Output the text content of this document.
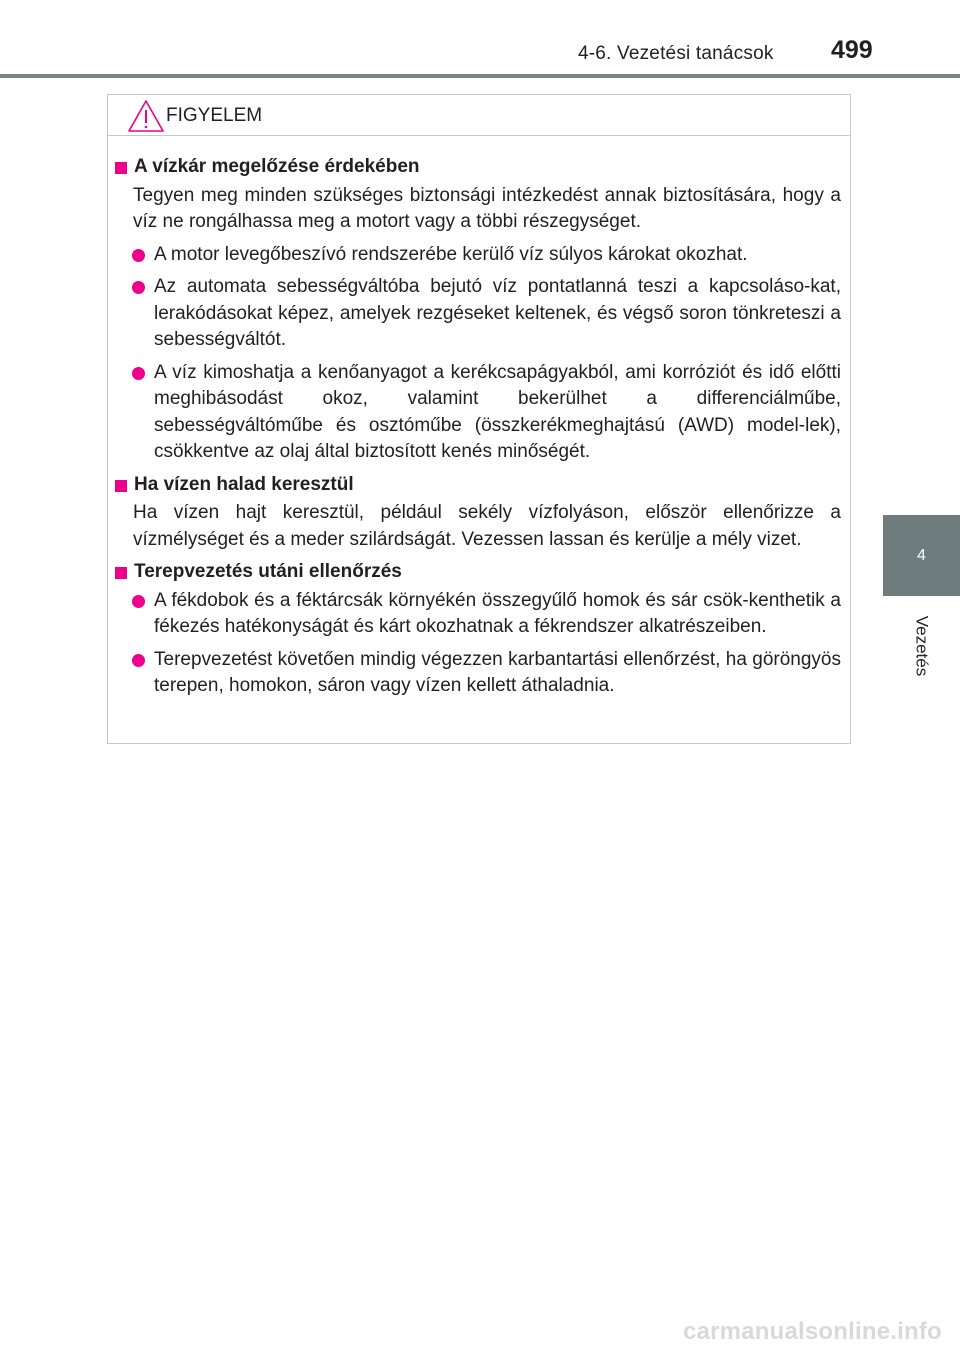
4-6. Vezetési tanácsok 499
4
Vezetés
FIGYELEM
A vízkár megelőzése érdekében
Tegyen meg minden szükséges biztonsági intézkedést annak biztosítására, hogy a víz ne rongálhassa meg a motort vagy a többi részegységet.
A motor levegőbeszívó rendszerébe kerülő víz súlyos károkat okozhat.
Az automata sebességváltóba bejutó víz pontatlanná teszi a kapcsoláso-kat, lerakódásokat képez, amelyek rezgéseket keltenek, és végső soron tönkreteszi a sebességváltót.
A víz kimoshatja a kenőanyagot a kerékcsapágyakból, ami korróziót és idő előtti meghibásodást okoz, valamint bekerülhet a differenciálműbe, sebességváltóműbe és osztóműbe (összkerékmeghajtású (AWD) model-lek), csökkentve az olaj által biztosított kenés minőségét.
Ha vízen halad keresztül
Ha vízen hajt keresztül, például sekély vízfolyáson, először ellenőrizze a vízmélységet és a meder szilárdságát. Vezessen lassan és kerülje a mély vizet.
Terepvezetés utáni ellenőrzés
A fékdobok és a féktárcsák környékén összegyűlő homok és sár csök-kenthetik a fékezés hatékonyságát és kárt okozhatnak a fékrendszer alkatrészeiben.
Terepvezetést követően mindig végezzen karbantartási ellenőrzést, ha göröngyös terepen, homokon, sáron vagy vízen kellett áthaladnia.
carmanualsonline.info
